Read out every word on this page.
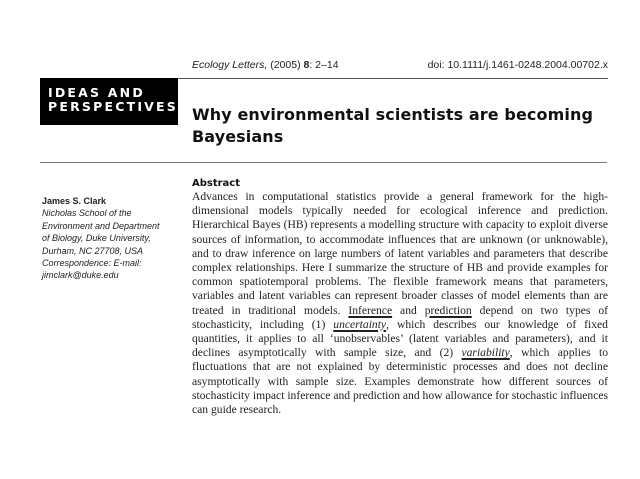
Ecology Letters, (2005) 8: 2–14	doi: 10.1111/j.1461-0248.2004.00702.x
IDEAS AND
PERSPECTIVES Why environmental scientists are becoming Bayesians
James S. Clark
Nicholas School of the
Environment and Department
of Biology, Duke University,
Durham, NC 27708, USA
Correspondence: E-mail:
jimclark@duke.edu
Abstract
Advances in computational statistics provide a general framework for the high-dimensional models typically needed for ecological inference and prediction. Hierarchical Bayes (HB) represents a modelling structure with capacity to exploit diverse sources of information, to accommodate influences that are unknown (or unknowable), and to draw inference on large numbers of latent variables and parameters that describe complex relationships. Here I summarize the structure of HB and provide examples for common spatiotemporal problems. The flexible framework means that parameters, variables and latent variables can represent broader classes of model elements than are treated in traditional models. Inference and prediction depend on two types of stochasticity, including (1) uncertainty, which describes our knowledge of fixed quantities, it applies to all ‘unobservables’ (latent variables and parameters), and it declines asymptotically with sample size, and (2) variability, which applies to fluctuations that are not explained by deterministic processes and does not decline asymptotically with sample size. Examples demonstrate how different sources of stochasticity impact inference and prediction and how allowance for stochastic influences can guide research.
